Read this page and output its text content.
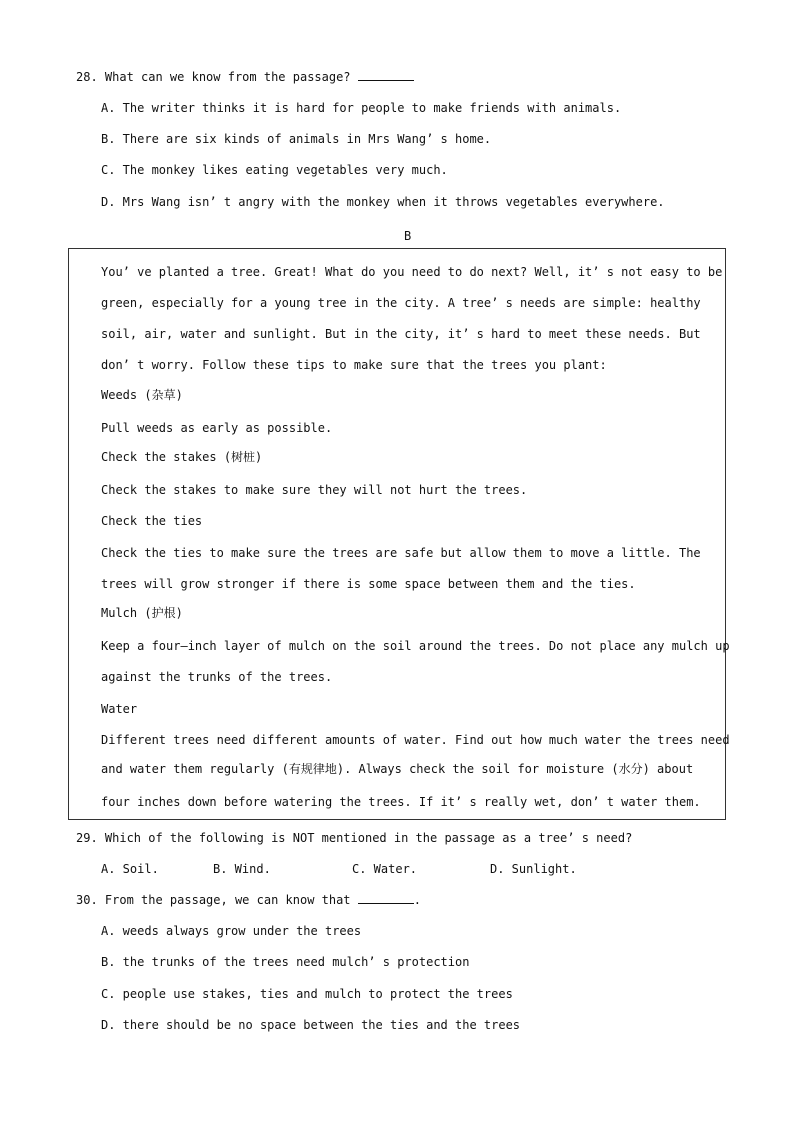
28. What can we know from the passage?
A. The writer thinks it is hard for people to make friends with animals.
B. There are six kinds of animals in Mrs Wang’ s home.
C. The monkey likes eating vegetables very much.
D. Mrs Wang isn’ t angry with the monkey when it throws vegetables everywhere.
B
You’ ve planted a tree. Great! What do you need to do next? Well, it’ s not easy to be
green, especially for a young tree in the city. A tree’ s needs are simple: healthy
soil, air, water and sunlight. But in the city, it’ s hard to meet these needs. But
don’ t worry. Follow these tips to make sure that the trees you plant:
Weeds (杂草)
Pull weeds as early as possible.
Check the stakes (树桩)
Check the stakes to make sure they will not hurt the trees.
Check the ties
Check the ties to make sure the trees are safe but allow them to move a little. The
trees will grow stronger if there is some space between them and the ties.
Mulch (护根)
Keep a four—inch layer of mulch on the soil around the trees. Do not place any mulch up
against the trunks of the trees.
Water
Different trees need different amounts of water. Find out how much water the trees need
and water them regularly (有规律地). Always check the soil for moisture (水分) about
four inches down before watering the trees. If it’ s really wet, don’ t water them.
29. Which of the following is NOT mentioned in the passage as a tree’ s need?
A. Soil.	B. Wind.	C. Water.	D. Sunlight.
30. From the passage, we can know that	.
A. weeds always grow under the trees
B. the trunks of the trees need mulch’ s protection
C. people use stakes, ties and mulch to protect the trees
D. there should be no space between the ties and the trees
